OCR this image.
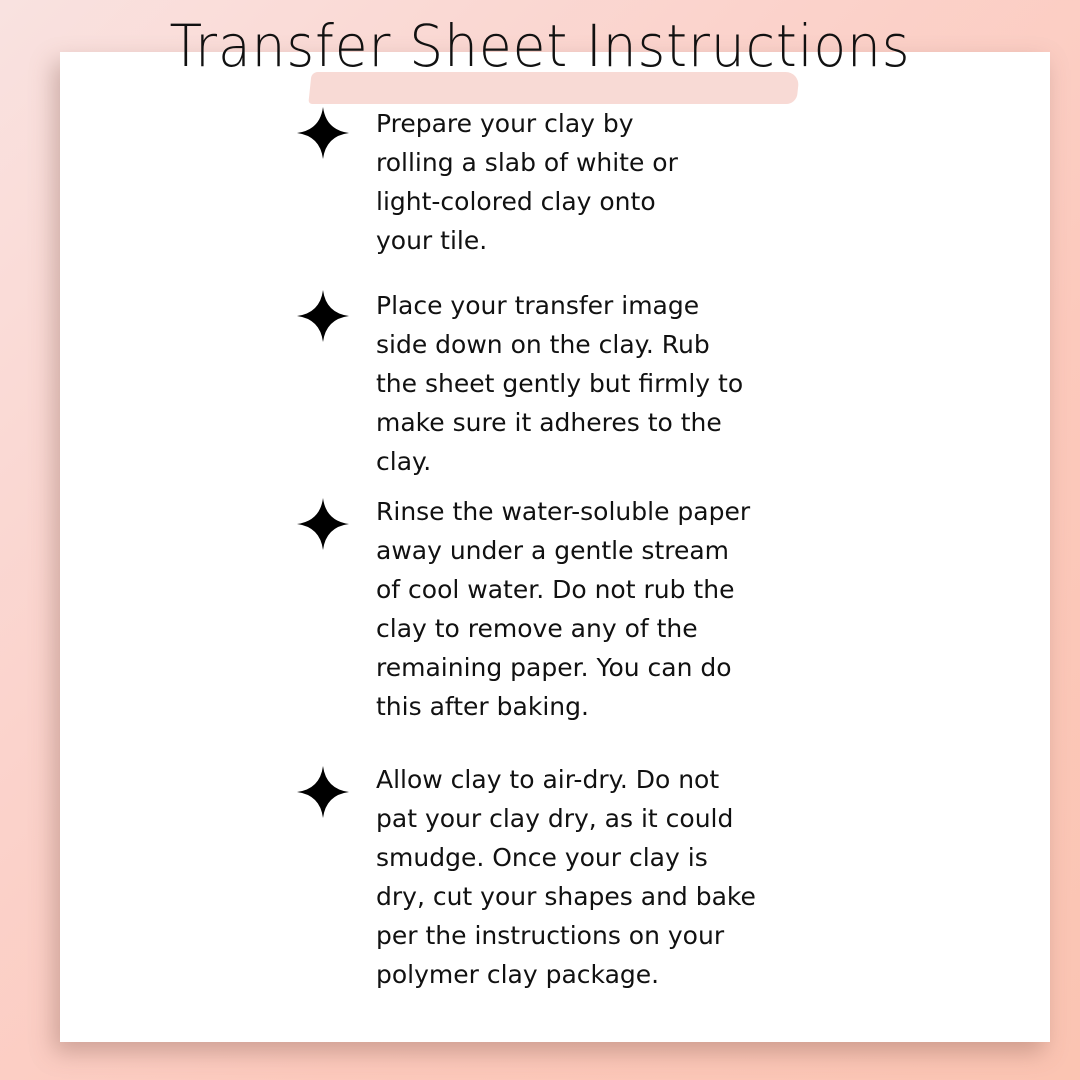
Transfer Sheet Instructions

Prepare your clay by
rolling a slab of white or
light-colored clay onto
your tile.

Place your transfer image
side down on the clay. Rub
the sheet gently but firmly to
make sure it adheres to the
clay.

Rinse the water-soluble paper
away under a gentle stream
of cool water. Do not rub the
clay to remove any of the
remaining paper. You can do
this after baking.

Allow clay to air-dry. Do not
pat your clay dry, as it could
smudge. Once your clay is
dry, cut your shapes and bake
per the instructions on your
polymer clay package.
